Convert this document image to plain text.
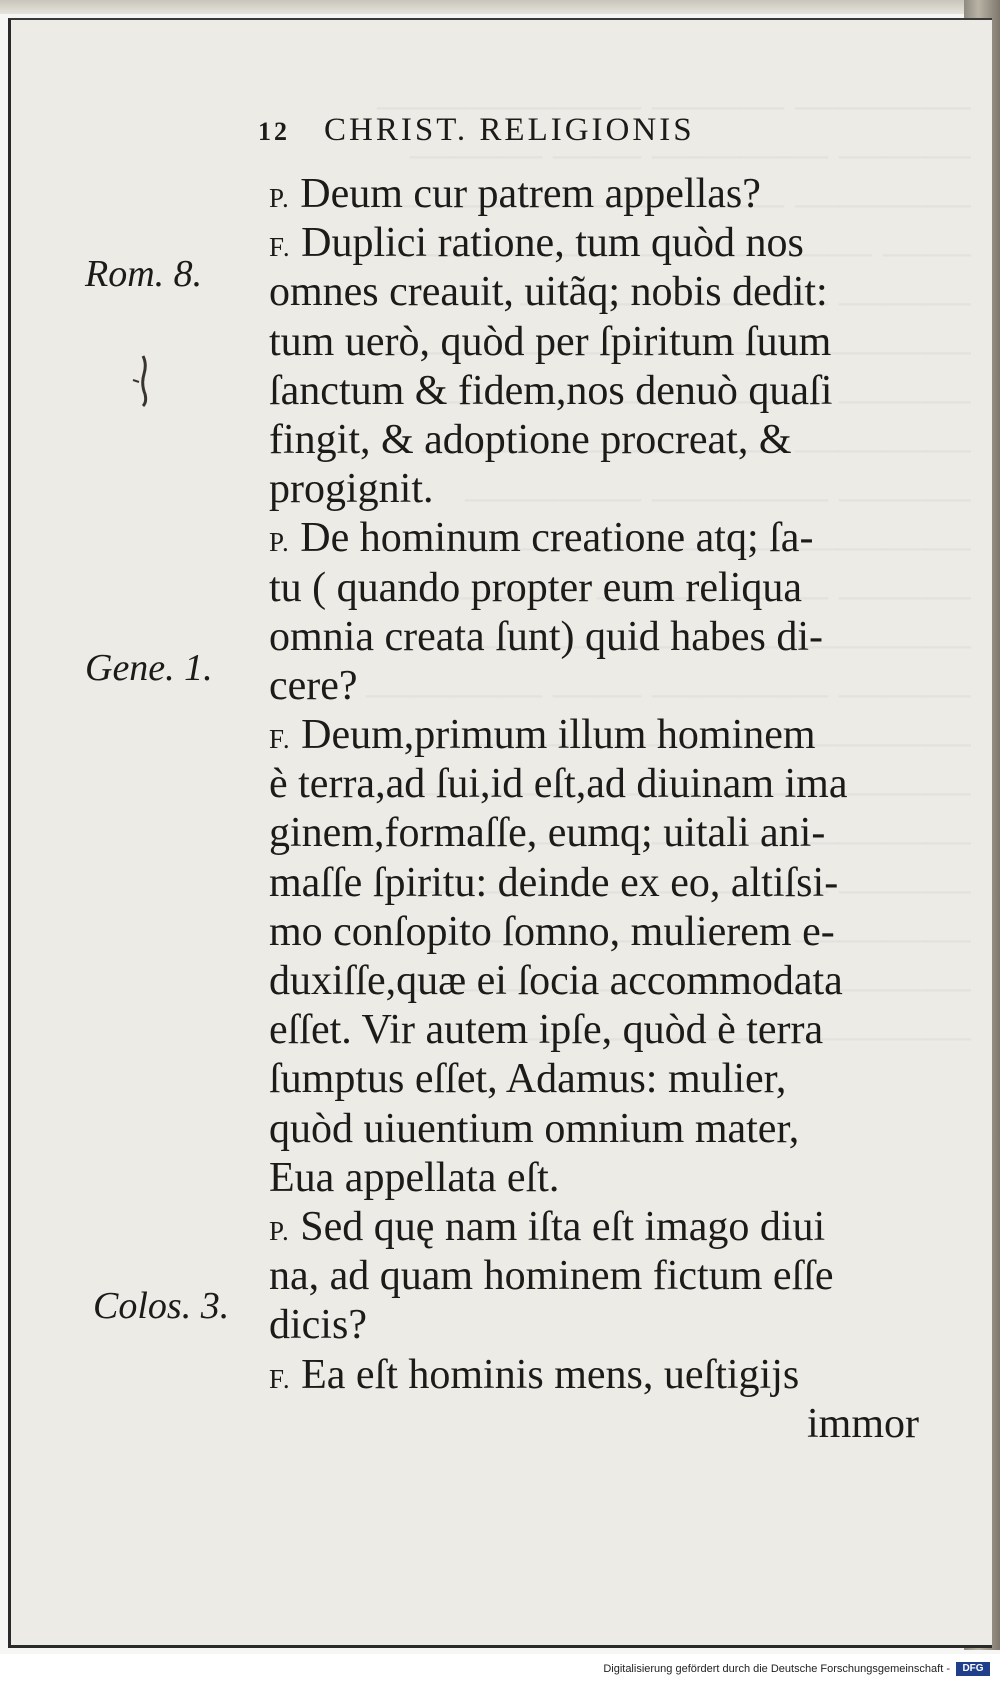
12 CHRIST. RELIGIONIS
Rom. 8.
Gene. 1.
Colos. 3.
P. Deum cur patrem appellas?
F. Duplici ratione, tum quòd nos
omnes creauit, uitãq; nobis dedit:
tum uerò, quòd per ſpiritum ſuum
ſanctum & fidem,nos denuò quaſi
fingit, & adoptione procreat, &
progignit.
P. De hominum creatione atq; ſa-
tu ( quando propter eum reliqua
omnia creata ſunt) quid habes di-
cere?
F. Deum,primum illum hominem
è terra,ad ſui,id eſt,ad diuinam ima
ginem,formaſſe, eumq; uitali ani-
maſſe ſpiritu: deinde ex eo, altiſsi-
mo conſopito ſomno, mulierem e-
duxiſſe,quæ ei ſocia accommodata
eſſet. Vir autem ipſe, quòd è terra
ſumptus eſſet, Adamus: mulier,
quòd uiuentium omnium mater,
Eua appellata eſt.
P. Sed quę nam iſta eſt imago diui
na, ad quam hominem fictum eſſe
dicis?
F. Ea eſt hominis mens, ueſtigijs
immor
Digitalisierung gefördert durch die Deutsche Forschungsgemeinschaft -	DFG
